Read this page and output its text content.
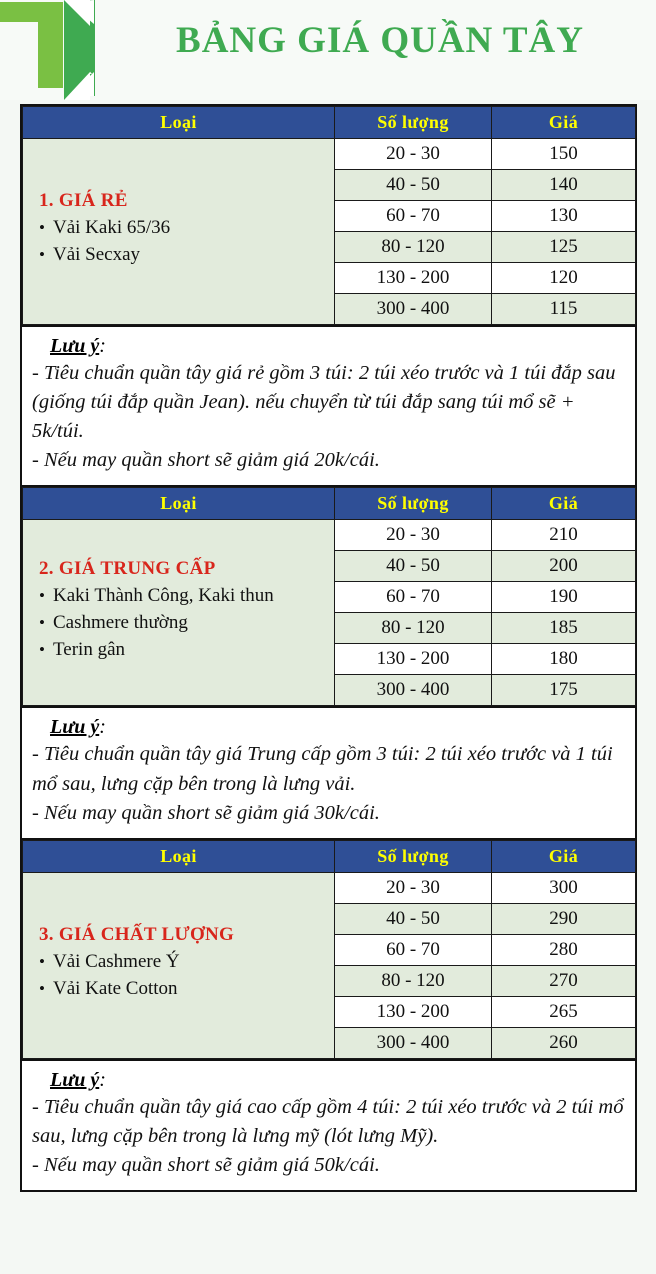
BẢNG GIÁ QUẦN TÂY
Loại	Số lượng	Giá

1. GIÁ RẺ
• Vải Kaki 65/36
• Vải Secxay
	20 - 30	150
	40 - 50	140
	60 - 70	130
	80 - 120	125
	130 - 200	120
	300 - 400	115
Lưu ý:

- Tiêu chuẩn quần tây giá rẻ gồm 3 túi: 2 túi xéo trước và 1 túi đắp sau (giống túi đắp quần Jean). nếu chuyển từ túi đắp sang túi mổ sẽ + 5k/túi.

- Nếu may quần short sẽ giảm giá 20k/cái.

Loại	Số lượng	Giá

2. GIÁ TRUNG CẤP
• Kaki Thành Công, Kaki thun
• Cashmere thường
• Terin gân
	20 - 30	210
	40 - 50	200
	60 - 70	190
	80 - 120	185
	130 - 200	180
	300 - 400	175
Lưu ý:

- Tiêu chuẩn quần tây giá Trung cấp gồm 3 túi: 2 túi xéo trước và 1 túi mổ sau, lưng cặp bên trong là lưng vải.

- Nếu may quần short sẽ giảm giá 30k/cái.

Loại	Số lượng	Giá

3. GIÁ CHẤT LƯỢNG
• Vải Cashmere Ý
• Vải Kate Cotton
	20 - 30	300
	40 - 50	290
	60 - 70	280
	80 - 120	270
	130 - 200	265
	300 - 400	260
Lưu ý:

- Tiêu chuẩn quần tây giá cao cấp gồm 4 túi: 2 túi xéo trước và 2 túi mổ sau, lưng cặp bên trong là lưng mỹ (lót lưng Mỹ).

- Nếu may quần short sẽ giảm giá 50k/cái.
